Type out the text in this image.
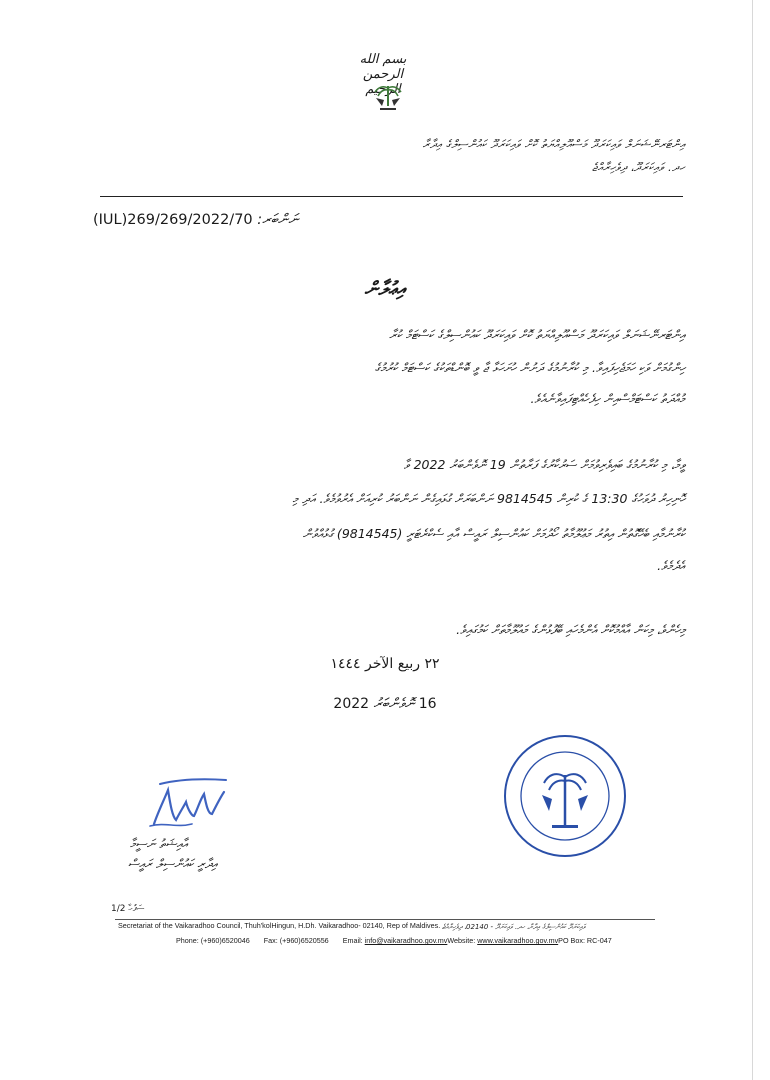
بسم الله الرحمن الرحيم
އިންޓަރނޭޝަނަލް ވައިކަރަދޫ މަސްއޫލިއްޔަތު ކޮށް ވައިކަރަދޫ ކައުންސިލްގެ އިދާރާ
ހދ. ވައިކަރަދޫ، ދިވެހިރާއްޖެ
(IUL)269/269/2022/70 ނަންބަރ:
އިޢުލާން
އިންޓަރނޭޝަނަލް ވައިކަރަދޫ މަސްއޫލިއްޔަތު ކޮށް ވައިކަރަދޫ ކައުންސިލްގެ ކަސްޓަމް ކުރާ
ހިންގުމަށް ވަކި ހަމަޖެހިފައިވާ. މި ކުރާނުމުގެ ދަށުން ހުށަހަޅާ ޖާ ވީ ބޮންޑްތަކުގެ ކަސްޓަމް ކުރުމުގެ
މުއްދަތު ކަސްޓަމްސްއިން ހިފެހެއްޓިފައިވާނެއެވެ.
ވީމާ، މި ކުރާނުމުގެ ބައިވެރިވުމަށް ސަރުކާރުގެ ފަރާތުން 19 ނޮވެންބަރު 2022 ވާ
ހޮނިހިރު ދުވަހުގެ 13:30 ގެ ކުރިން 9814545 ނަންބަރަށް ގުޅައިގެން ނަންބަރު ކުރިއަށް އެރުވުމެވެ. އަދި މި
ކުރާނުމާއި ބެހޭގޮތުން އިތުރު މަޢުލޫމާތު ހޯދުމަށް ކައުންސިލް ރައީސް އާއި ސެކްރެޓަރީ (9814545) ގުޅުއްވުން
އެދެމެވެ.
މިހެންވެ، މިކަން އާއްމުކޮށް އެންމެހައި ބޭފުޅުންގެ މައުލޫމާތަށް ކަމުގައިވެ.
٢٢ ربيع الآخر ١٤٤٤
2022 ނޮވެންބަރު 16
އާއިޝަތު ނަސީމާ
އިދާރީ ކައުންސިލް ރައީސް
1/2 ސަފުހާ
Secretariat of the Vaikaradhoo Council, Thuh'kolHingun, H.Dh. Vaikaradhoo- 02140, Rep of Maldives. ވައިކަރަދޫ ކައުންސިލްގެ އިދާރާ، ހދ. ވައިކަރަދޫ - 02140، ދިވެހިރާއްޖެ
Phone: (+960)6520046 Fax: (+960)6520556 Email: info@vaikaradhoo.gov.mvWebsite: www.vaikaradhoo.gov.mvPO Box: RC-047
